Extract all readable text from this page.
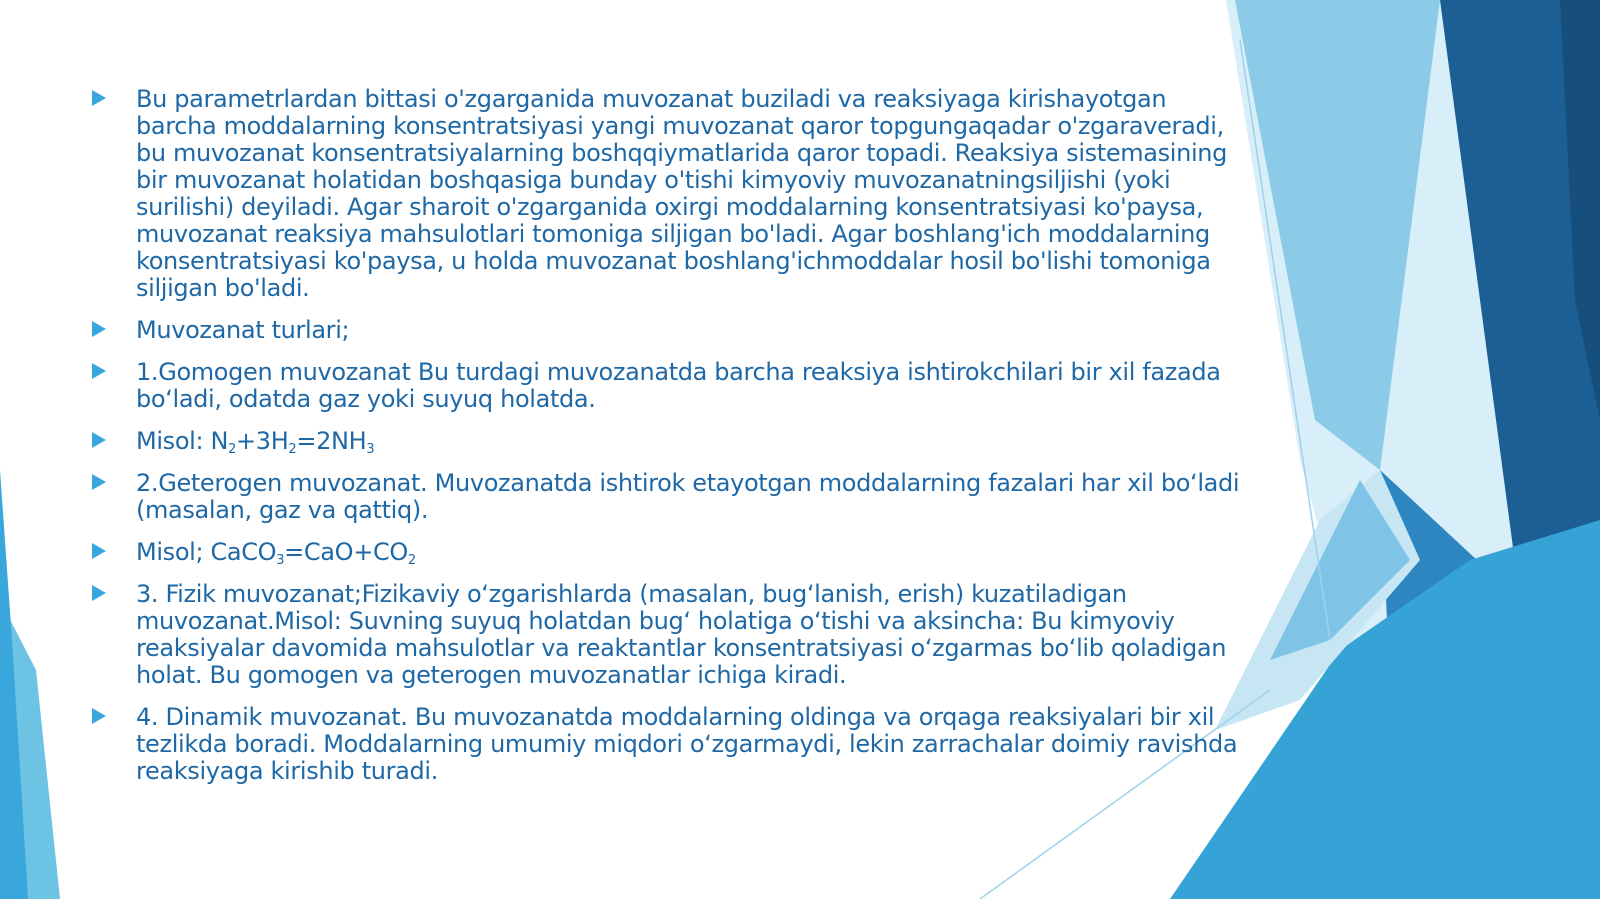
Bu parametrlardan bittasi o'zgarganida muvozanat buziladi va reaksiyaga kirishayotgan barcha moddalarning konsentratsiyasi yangi muvozanat qaror topgungaqadar o'zgaraveradi, bu muvozanat konsentratsiyalarning boshqqiymatlarida qaror topadi. Reaksiya sistemasining bir muvozanat holatidan boshqasiga bunday o'tishi kimyoviy muvozanatningsiljishi (yoki surilishi) deyiladi. Agar sharoit o'zgarganida oxirgi moddalarning konsentratsiyasi ko'paysa, muvozanat reaksiya mahsulotlari tomoniga siljigan bo'ladi. Agar boshlang'ich moddalarning konsentratsiyasi ko'paysa, u holda muvozanat boshlang'ichmoddalar hosil bo'lishi tomoniga siljigan bo'ladi.
Muvozanat turlari;
1.Gomogen muvozanat Bu turdagi muvozanatda barcha reaksiya ishtirokchilari bir xil fazada bo‘ladi, odatda gaz yoki suyuq holatda.
Misol: $N_2+3H_2=2NH_3$
2.Geterogen muvozanat. Muvozanatda ishtirok etayotgan moddalarning fazalari har xil bo‘ladi (masalan, gaz va qattiq).
Misol; $CaCO_3=CaO+CO_2$
3. Fizik muvozanat;Fizikaviy o‘zgarishlarda (masalan, bug‘lanish, erish) kuzatiladigan muvozanat.Misol: Suvning suyuq holatdan bug‘ holatiga o‘tishi va aksincha: Bu kimyoviy reaksiyalar davomida mahsulotlar va reaktantlar konsentratsiyasi o‘zgarmas bo‘lib qoladigan holat. Bu gomogen va geterogen muvozanatlar ichiga kiradi.
4. Dinamik muvozanat. Bu muvozanatda moddalarning oldinga va orqaga reaksiyalari bir xil tezlikda boradi. Moddalarning umumiy miqdori o‘zgarmaydi, lekin zarrachalar doimiy ravishda reaksiyaga kirishib turadi.
